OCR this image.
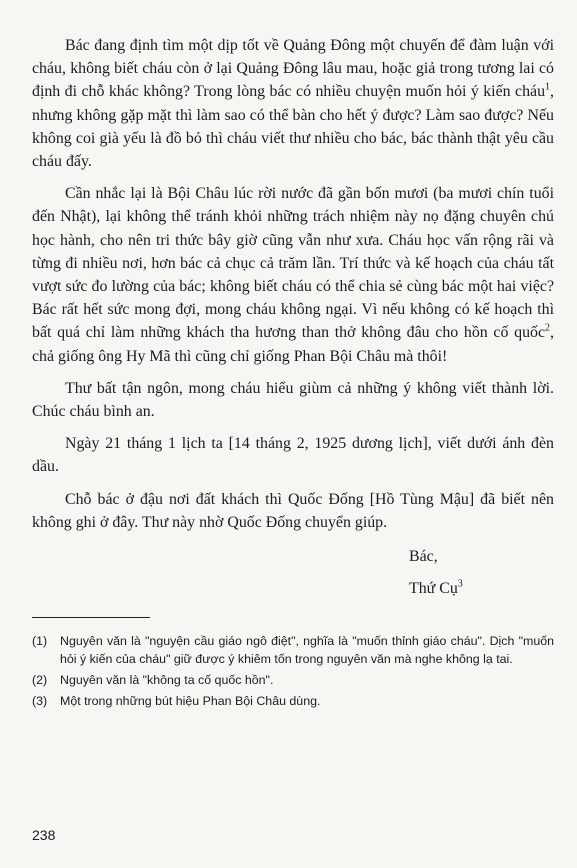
Bác đang định tìm một dịp tốt về Quảng Đông một chuyến để đàm luận với cháu, không biết cháu còn ở lại Quảng Đông lâu mau, hoặc giả trong tương lai có định đi chỗ khác không? Trong lòng bác có nhiều chuyện muốn hỏi ý kiến cháu$^1$, nhưng không gặp mặt thì làm sao có thể bàn cho hết ý được? Làm sao được? Nếu không coi già yếu là đồ bỏ thì cháu viết thư nhiều cho bác, bác thành thật yêu cầu cháu đấy.

Cần nhắc lại là Bội Châu lúc rời nước đã gần bốn mươi (ba mươi chín tuổi đến Nhật), lại không thể tránh khỏi những trách nhiệm này nọ đặng chuyên chú học hành, cho nên tri thức bây giờ cũng vẫn như xưa. Cháu học vấn rộng rãi và từng đi nhiều nơi, hơn bác cả chục cả trăm lần. Trí thức và kế hoạch của cháu tất vượt sức đo lường của bác; không biết cháu có thể chia sẻ cùng bác một hai việc? Bác rất hết sức mong đợi, mong cháu không ngại. Vì nếu không có kế hoạch thì bất quá chỉ làm những khách tha hương than thở không đâu cho hồn cố quốc$^2$, chả giống ông Hy Mã thì cũng chỉ giống Phan Bội Châu mà thôi!

Thư bất tận ngôn, mong cháu hiểu giùm cả những ý không viết thành lời. Chúc cháu bình an.

Ngày 21 tháng 1 lịch ta [14 tháng 2, 1925 dương lịch], viết dưới ánh đèn dầu.

Chỗ bác ở đậu nơi đất khách thì Quốc Đống [Hồ Tùng Mậu] đã biết nên không ghi ở đây. Thư này nhờ Quốc Đống chuyển giúp.

Bác,
Thứ Cụ$^3$
(1)	Nguyên văn là "nguyện cầu giáo ngô điệt", nghĩa là "muốn thỉnh giáo cháu". Dịch "muốn hỏi ý kiến của cháu" giữ được ý khiêm tốn trong nguyên văn mà nghe không lạ tai.
(2)	Nguyên văn là "không ta cố quốc hồn".
(3)	Một trong những bút hiệu Phan Bội Châu dùng.
238
